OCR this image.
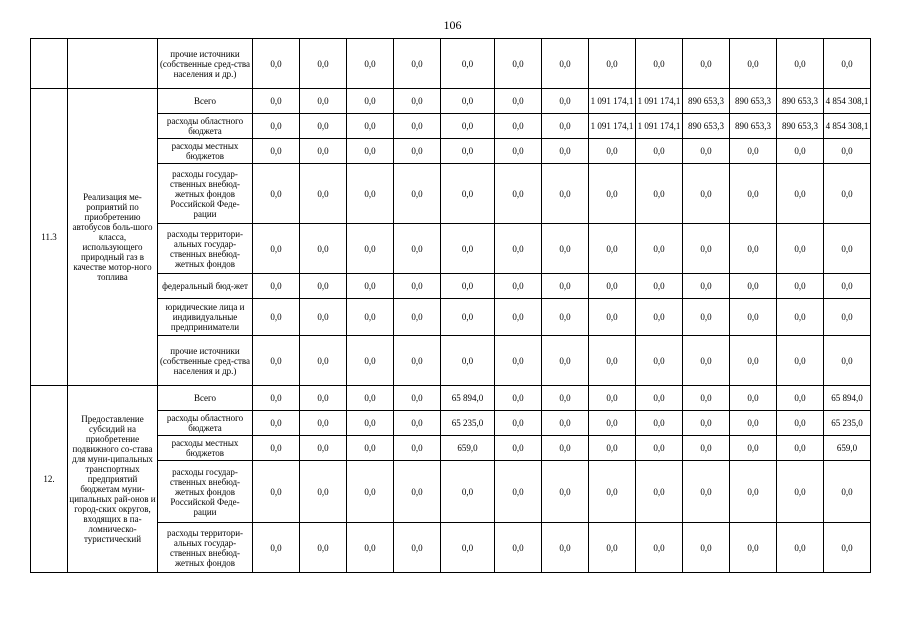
106
		прочие источники (собственные сред-ства населения и др.)	0,0	0,0	0,0	0,0	0,0	0,0	0,0	0,0	0,0	0,0	0,0	0,0	0,0
11.3	Реализация ме-роприятий по приобретению автобусов боль-шого класса, использующего природный газ в качестве мотор-ного топлива	Всего	0,0	0,0	0,0	0,0	0,0	0,0	0,0	1 091 174,1	1 091 174,1	890 653,3	890 653,3	890 653,3	4 854 308,1
		расходы областного бюджета	0,0	0,0	0,0	0,0	0,0	0,0	0,0	1 091 174,1	1 091 174,1	890 653,3	890 653,3	890 653,3	4 854 308,1
		расходы местных бюджетов	0,0	0,0	0,0	0,0	0,0	0,0	0,0	0,0	0,0	0,0	0,0	0,0	0,0
		расходы государ-ственных внебюд-жетных фондов Российской Феде-рации	0,0	0,0	0,0	0,0	0,0	0,0	0,0	0,0	0,0	0,0	0,0	0,0	0,0
		расходы территори-альных государ-ственных внебюд-жетных фондов	0,0	0,0	0,0	0,0	0,0	0,0	0,0	0,0	0,0	0,0	0,0	0,0	0,0
		федеральный бюд-жет	0,0	0,0	0,0	0,0	0,0	0,0	0,0	0,0	0,0	0,0	0,0	0,0	0,0
		юридические лица и индивидуальные предприниматели	0,0	0,0	0,0	0,0	0,0	0,0	0,0	0,0	0,0	0,0	0,0	0,0	0,0
		прочие источники (собственные сред-ства населения и др.)	0,0	0,0	0,0	0,0	0,0	0,0	0,0	0,0	0,0	0,0	0,0	0,0	0,0
12.	Предоставление субсидий на приобретение подвижного со-става для муни-ципальных транспортных предприятий бюджетам муни-ципальных рай-онов и город-ских округов, входящих в па-ломническо-туристический	Всего	0,0	0,0	0,0	0,0	65 894,0	0,0	0,0	0,0	0,0	0,0	0,0	0,0	65 894,0
		расходы областного бюджета	0,0	0,0	0,0	0,0	65 235,0	0,0	0,0	0,0	0,0	0,0	0,0	0,0	65 235,0
		расходы местных бюджетов	0,0	0,0	0,0	0,0	659,0	0,0	0,0	0,0	0,0	0,0	0,0	0,0	659,0
		расходы государ-ственных внебюд-жетных фондов Российской Феде-рации	0,0	0,0	0,0	0,0	0,0	0,0	0,0	0,0	0,0	0,0	0,0	0,0	0,0
		расходы территори-альных государ-ственных внебюд-жетных фондов	0,0	0,0	0,0	0,0	0,0	0,0	0,0	0,0	0,0	0,0	0,0	0,0	0,0
